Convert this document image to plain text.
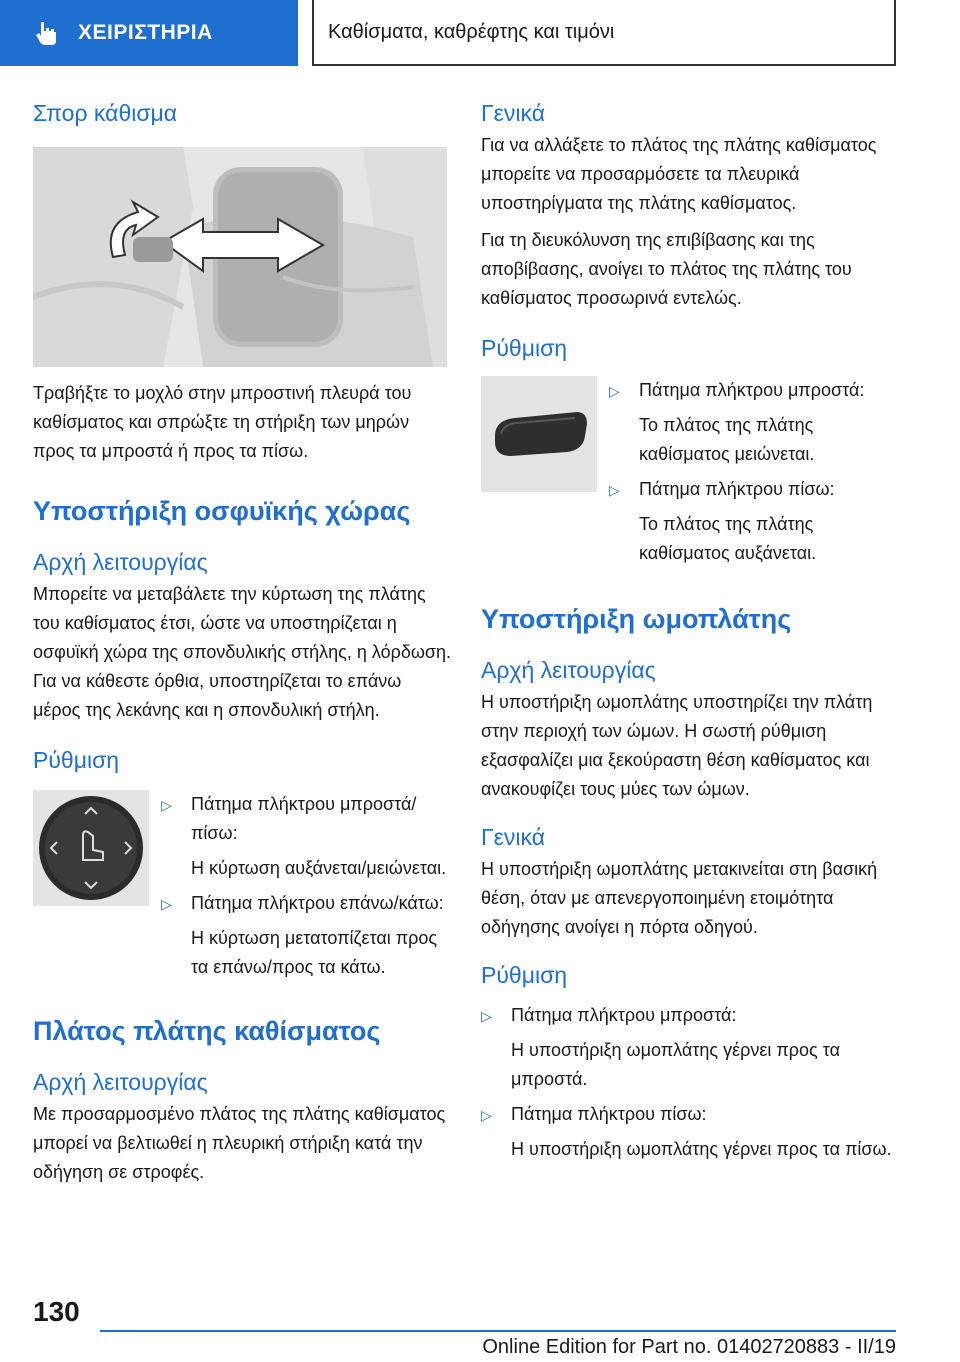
ΧΕΙΡΙΣΤΗΡΙΑ	Καθίσματα, καθρέφτης και τιμόνι
Σπορ κάθισμα

Τραβήξτε το μοχλό στην μπροστινή πλευρά του καθίσματος και σπρώξτε τη στήριξη των μηρών προς τα μπροστά ή προς τα πίσω.

Υποστήριξη οσφυϊκής χώρας
Αρχή λειτουργίας

Μπορείτε να μεταβάλετε την κύρτωση της πλάτης του καθίσματος έτσι, ώστε να υποστηρίζεται η οσφυϊκή χώρα της σπονδυλικής στήλης, η λόρδωση. Για να κάθεστε όρθια, υποστηρίζεται το επάνω μέρος της λεκάνης και η σπονδυλική στήλη.

Ρύθμιση
▷	Πάτημα πλήκτρου μπροστά/πίσω:
Η κύρτωση αυξάνεται/μειώνεται.
▷	Πάτημα πλήκτρου επάνω/κάτω:
Η κύρτωση μετατοπίζεται προς τα επάνω/προς τα κάτω.
Πλάτος πλάτης καθίσματος
Αρχή λειτουργίας

Με προσαρμοσμένο πλάτος της πλάτης καθίσματος μπορεί να βελτιωθεί η πλευρική στήριξη κατά την οδήγηση σε στροφές.

Γενικά

Για να αλλάξετε το πλάτος της πλάτης καθίσματος μπορείτε να προσαρμόσετε τα πλευρικά υποστηρίγματα της πλάτης καθίσματος.

Για τη διευκόλυνση της επιβίβασης και της αποβίβασης, ανοίγει το πλάτος της πλάτης του καθίσματος προσωρινά εντελώς.

Ρύθμιση
▷	Πάτημα πλήκτρου μπροστά:
Το πλάτος της πλάτης καθίσματος μειώνεται.
▷	Πάτημα πλήκτρου πίσω:
Το πλάτος της πλάτης καθίσματος αυξάνεται.
Υποστήριξη ωμοπλάτης
Αρχή λειτουργίας

Η υποστήριξη ωμοπλάτης υποστηρίζει την πλάτη στην περιοχή των ώμων. Η σωστή ρύθμιση εξασφαλίζει μια ξεκούραστη θέση καθίσματος και ανακουφίζει τους μύες των ώμων.

Γενικά

Η υποστήριξη ωμοπλάτης μετακινείται στη βασική θέση, όταν με απενεργοποιημένη ετοιμότητα οδήγησης ανοίγει η πόρτα οδηγού.

Ρύθμιση
▷	Πάτημα πλήκτρου μπροστά:
Η υποστήριξη ωμοπλάτης γέρνει προς τα μπροστά.
▷	Πάτημα πλήκτρου πίσω:
Η υποστήριξη ωμοπλάτης γέρνει προς τα πίσω.
130
Online Edition for Part no. 01402720883 - II/19
